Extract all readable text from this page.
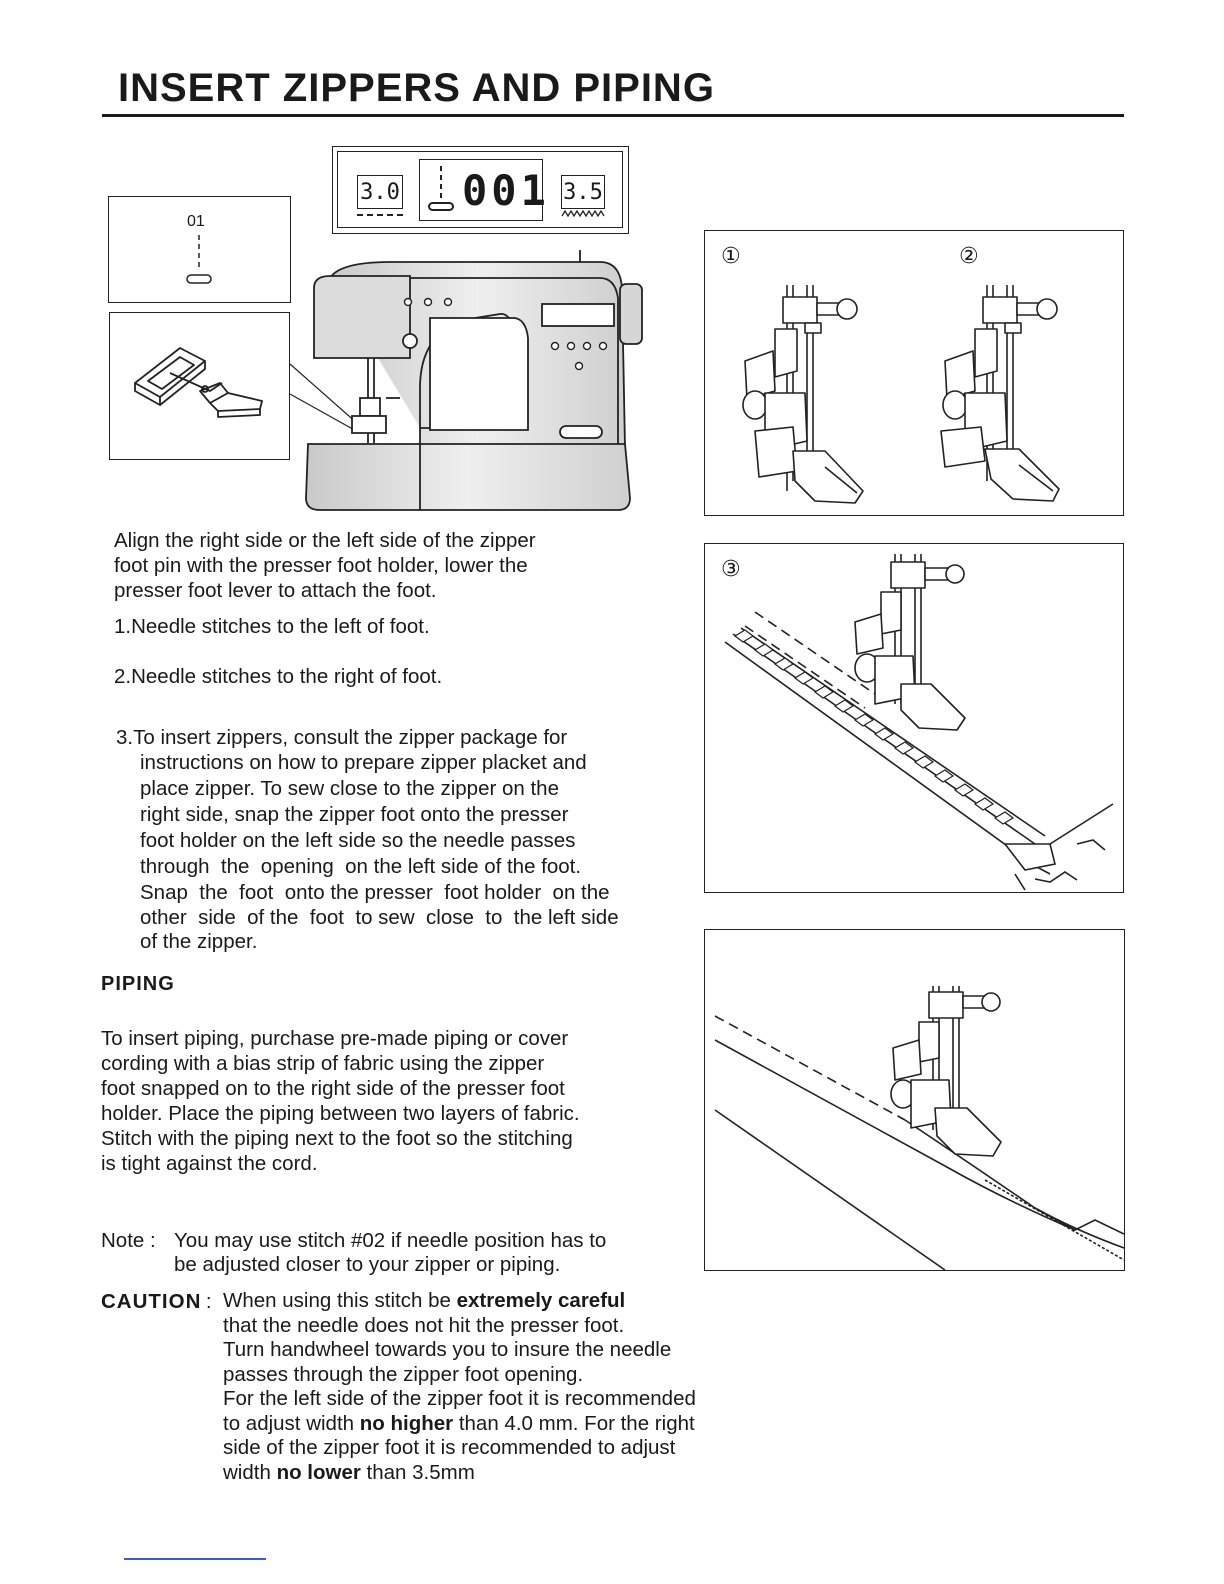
INSERT ZIPPERS AND PIPING
3.0 001 3.5
01
①	②
③

Align the right side or the left side of the zipper

foot pin with the presser foot holder, lower the

presser foot lever to attach the foot.

1.Needle stitches to the left of foot.

2.Needle stitches to the right of foot.

3.To insert zippers, consult the zipper package for

instructions on how to prepare zipper placket and

place zipper. To sew close to the zipper on the

right side, snap the zipper foot onto the presser

foot holder on the left side so the needle passes

through  the  opening  on the left side of the foot.

Snap  the  foot  onto the presser  foot holder  on the

other  side  of the  foot  to sew  close  to  the left side

of the zipper.

PIPING

To insert piping, purchase pre-made piping or cover

cording with a bias strip of fabric using the zipper

foot snapped on to the right side of the presser foot

holder. Place the piping between two layers of fabric.

Stitch with the piping next to the foot so the stitching

is tight against the cord.

Note : You may use stitch #02 if needle position has to

be adjusted closer to your zipper or piping.

CAUTION : When using this stitch be extremely careful
that the needle does not hit the presser foot.
Turn handwheel towards you to insure the needle
passes through the zipper foot opening.
For the left side of the zipper foot it is recommended
to adjust width no higher than 4.0 mm. For the right
side of the zipper foot it is recommended to adjust
width no lower than 3.5mm
